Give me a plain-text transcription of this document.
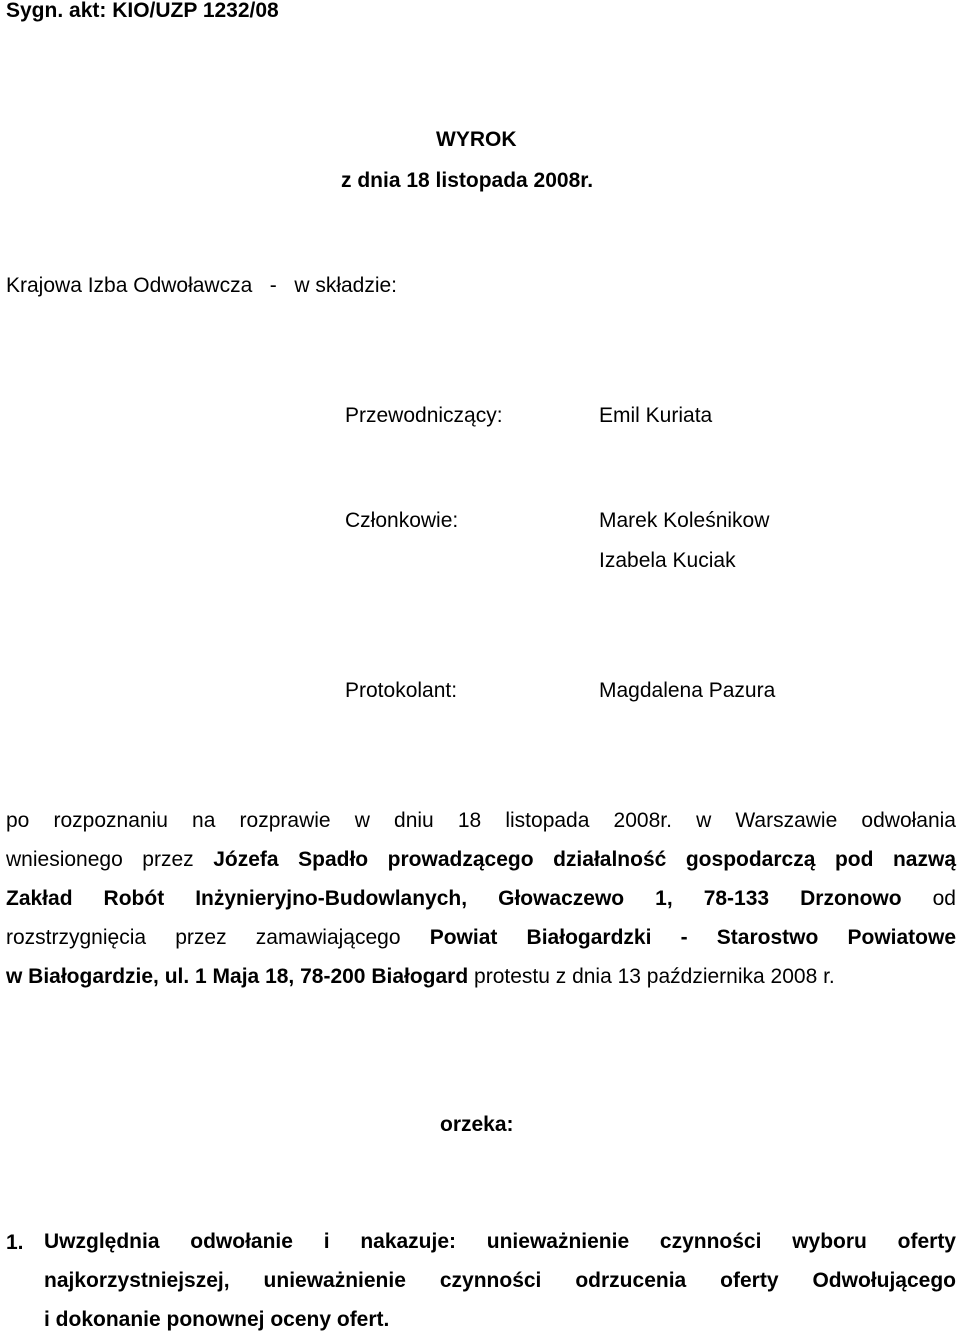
Sygn. akt: KIO/UZP 1232/08
WYROK
z dnia 18 listopada 2008r.
Krajowa Izba Odwoławcza - w składzie:
Przewodniczący:	Emil Kuriata
Członkowie:	Marek Koleśnikow
Izabela Kuciak
Protokolant:	Magdalena Pazura
po rozpoznaniu na rozprawie w dniu 18 listopada 2008r. w Warszawie odwołania
wniesionego przez Józefa Spadło prowadzącego działalność gospodarczą pod nazwą
Zakład Robót Inżynieryjno-Budowlanych, Głowaczewo 1, 78-133 Drzonowo od
rozstrzygnięcia przez zamawiającego Powiat Białogardzki - Starostwo Powiatowe
w Białogardzie, ul. 1 Maja 18, 78-200 Białogard protestu z dnia 13 października 2008 r.
orzeka:
1. Uwzględnia odwołanie i nakazuje: unieważnienie czynności wyboru oferty
najkorzystniejszej, unieważnienie czynności odrzucenia oferty Odwołującego
i dokonanie ponownej oceny ofert.
